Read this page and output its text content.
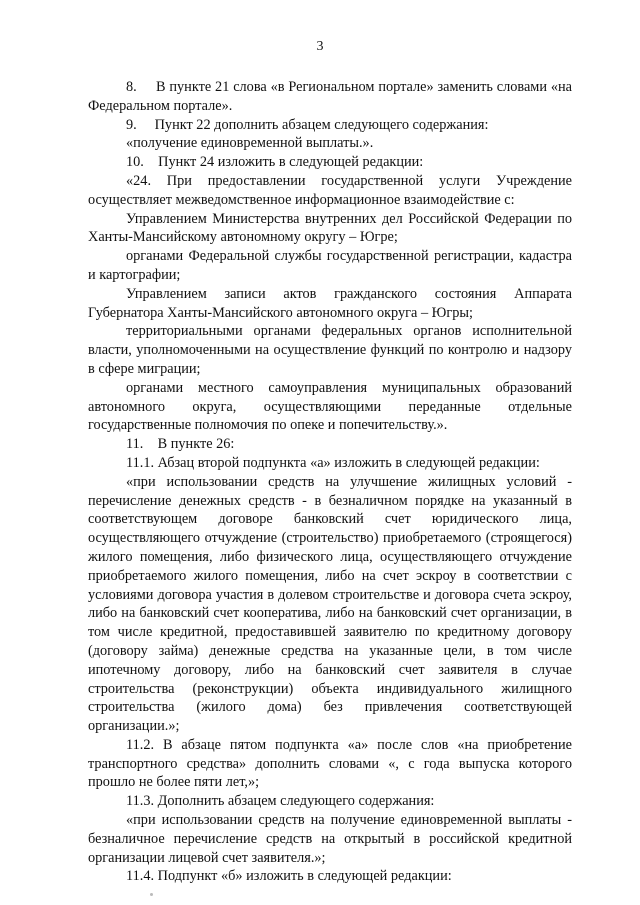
3

8.     В пункте 21 слова «в Региональном портале» заменить словами «на Федеральном портале».

9.     Пункт 22 дополнить абзацем следующего содержания:

«получение единовременной выплаты.».

10.    Пункт 24 изложить в следующей редакции:

«24. При предоставлении государственной услуги Учреждение осуществляет межведомственное информационное взаимодействие с:

Управлением Министерства внутренних дел Российской Федерации по Ханты-Мансийскому автономному округу – Югре;

органами Федеральной службы государственной регистрации, кадастра и картографии;

Управлением записи актов гражданского состояния Аппарата Губернатора Ханты-Мансийского автономного округа – Югры;

территориальными органами федеральных органов исполнительной власти, уполномоченными на осуществление функций по контролю и надзору в сфере миграции;

органами местного самоуправления муниципальных образований автономного округа, осуществляющими переданные отдельные государственные полномочия по опеке и попечительству.».

11.    В пункте 26:

11.1. Абзац второй подпункта «а» изложить в следующей редакции:

«при использовании средств на улучшение жилищных условий - перечисление денежных средств - в безналичном порядке на указанный в соответствующем договоре банковский счет юридического лица, осуществляющего отчуждение (строительство) приобретаемого (строящегося) жилого помещения, либо физического лица, осуществляющего отчуждение приобретаемого жилого помещения, либо на счет эскроу в соответствии с условиями договора участия в долевом строительстве и договора счета эскроу, либо на банковский счет кооператива, либо на банковский счет организации, в том числе кредитной, предоставившей заявителю по кредитному договору (договору займа) денежные средства на указанные цели, в том числе ипотечному договору, либо на банковский счет заявителя в случае строительства (реконструкции) объекта индивидуального жилищного строительства (жилого дома) без привлечения соответствующей организации.»;

11.2. В абзаце пятом подпункта «а» после слов «на приобретение транспортного средства» дополнить словами «, с года выпуска которого прошло не более пяти лет,»;

11.3. Дополнить абзацем следующего содержания:

«при использовании средств на получение единовременной выплаты - безналичное перечисление средств на открытый в российской кредитной организации лицевой счет заявителя.»;

11.4. Подпункт «б» изложить в следующей редакции:
